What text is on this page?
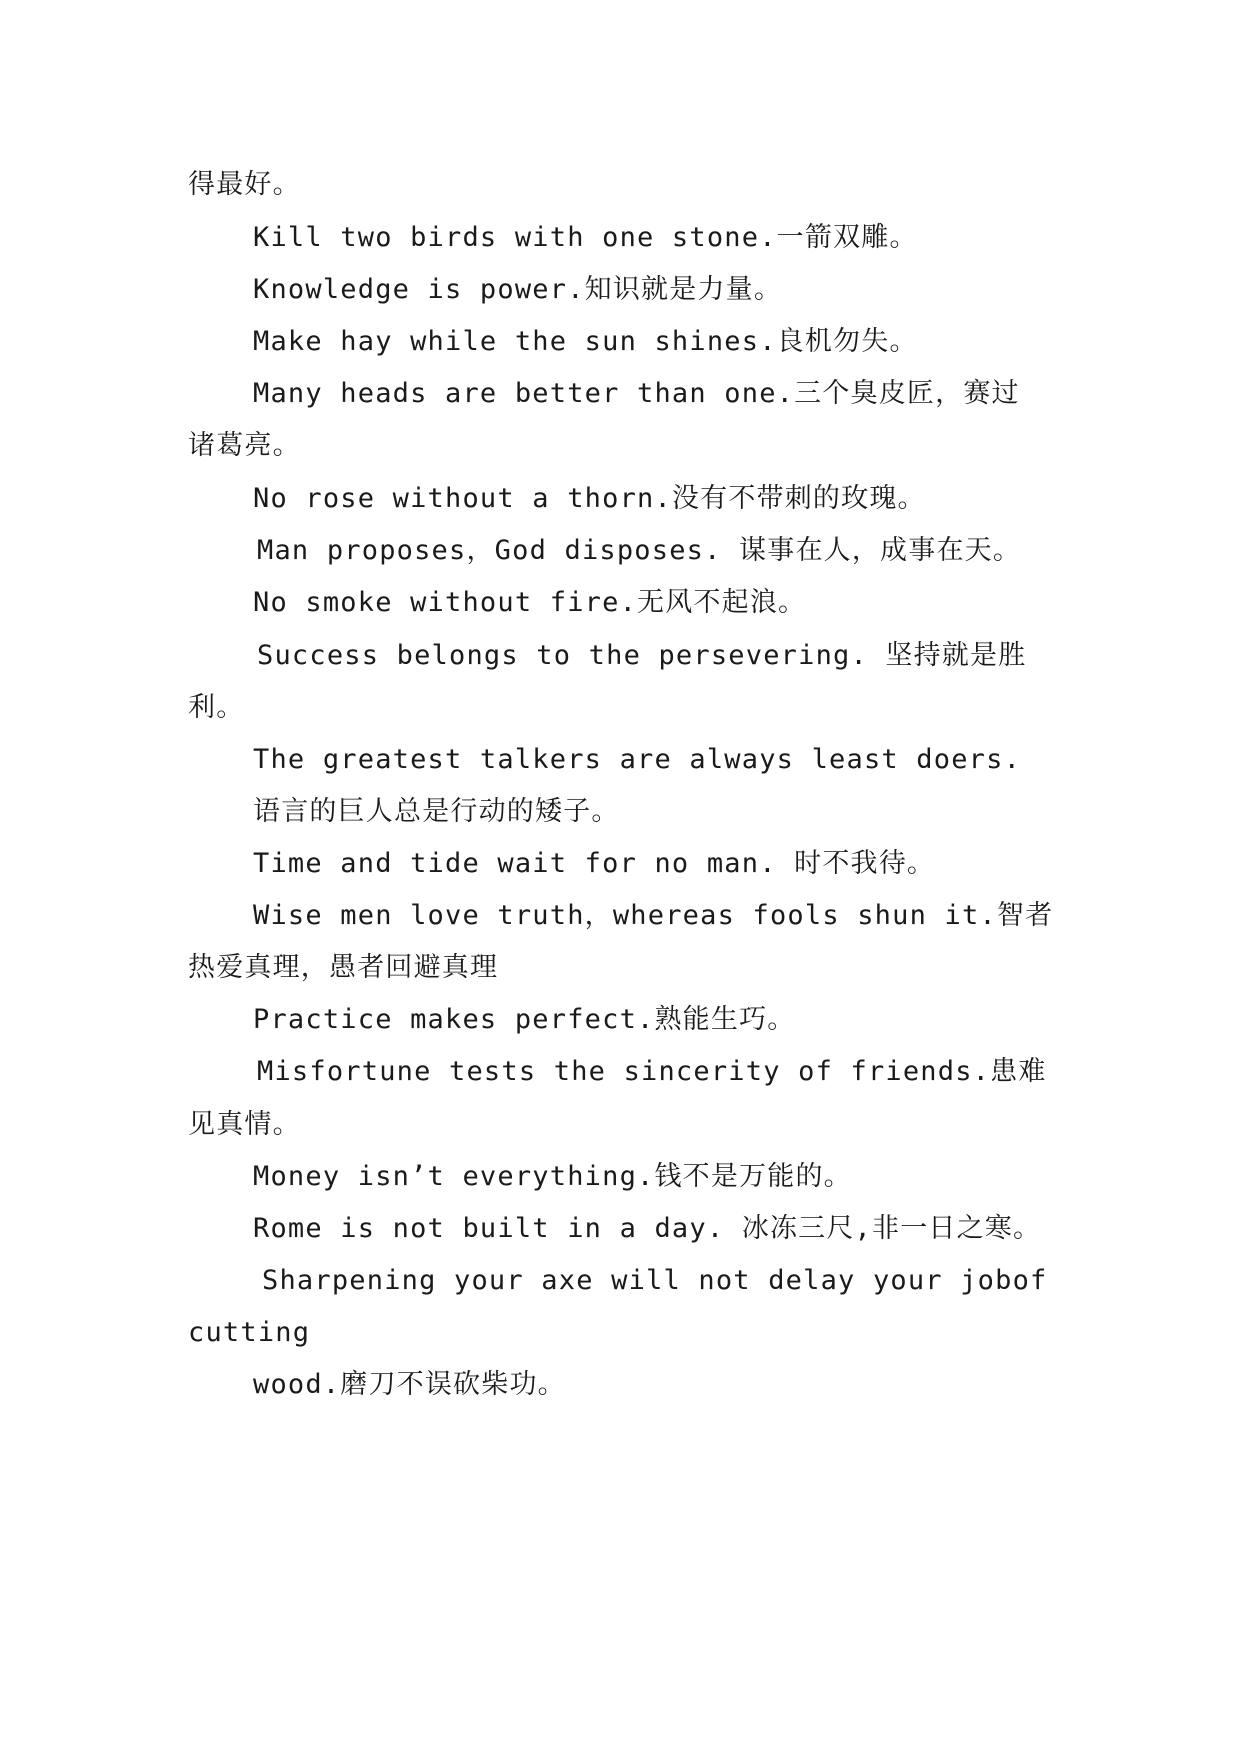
得最好。
Kill two birds with one stone.一箭双雕。
Knowledge is power.知识就是力量。
Make hay while the sun shines.良机勿失。
Many heads are better than one.三个臭皮匠，赛过
诸葛亮。
No rose without a thorn.没有不带刺的玫瑰。
Man proposes，God disposes. 谋事在人，成事在天。
No smoke without fire.无风不起浪。
Success belongs to the persevering. 坚持就是胜
利。
The greatest talkers are always least doers.
语言的巨人总是行动的矮子。
Time and tide wait for no man. 时不我待。
Wise men love truth，whereas fools shun it.智者
热爱真理，愚者回避真理
Practice makes perfect.熟能生巧。
Misfortune tests the sincerity of friends.患难
见真情。
Money isn’t everything.钱不是万能的。
Rome is not built in a day. 冰冻三尺,非一日之寒。
Sharpening your axe will not delay your jobof
cutting
wood.磨刀不误砍柴功。
